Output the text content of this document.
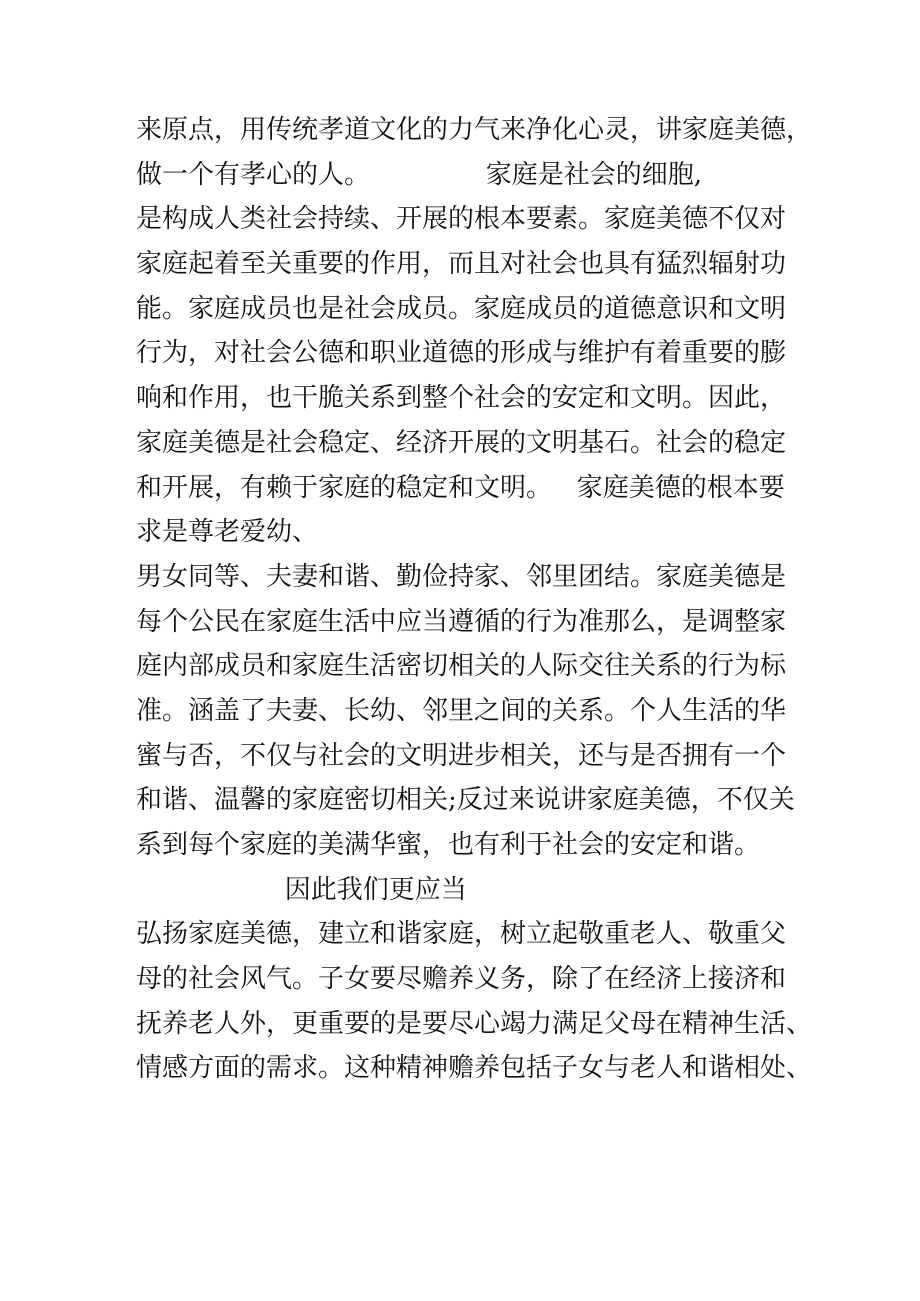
来原点，用传统孝道文化的力气来净化心灵，讲家庭美德，

做一个有孝心的人。              家庭是社会的细胞,

是构成人类社会持续、开展的根本要素。家庭美德不仅对

家庭起着至关重要的作用，而且对社会也具有猛烈辐射功

能。家庭成员也是社会成员。家庭成员的道德意识和文明

行为，对社会公德和职业道德的形成与维护有着重要的膨

响和作用，也干脆关系到整个社会的安定和文明。因此，

家庭美德是社会稳定、经济开展的文明基石。社会的稳定

和开展，有赖于家庭的稳定和文明。   家庭美德的根本要

求是尊老爱幼、

男女同等、夫妻和谐、勤俭持家、邻里团结。家庭美德是

每个公民在家庭生活中应当遵循的行为准那么，是调整家

庭内部成员和家庭生活密切相关的人际交往关系的行为标

准。涵盖了夫妻、长幼、邻里之间的关系。个人生活的华

蜜与否，不仅与社会的文明进步相关，还与是否拥有一个

和谐、温馨的家庭密切相关;反过来说讲家庭美德，不仅关

系到每个家庭的美满华蜜，也有利于社会的安定和谐。

因此我们更应当

弘扬家庭美德，建立和谐家庭，树立起敬重老人、敬重父

母的社会风气。子女要尽赡养义务，除了在经济上接济和

抚养老人外，更重要的是要尽心竭力满足父母在精神生活、

情感方面的需求。这种精神赡养包括子女与老人和谐相处、
